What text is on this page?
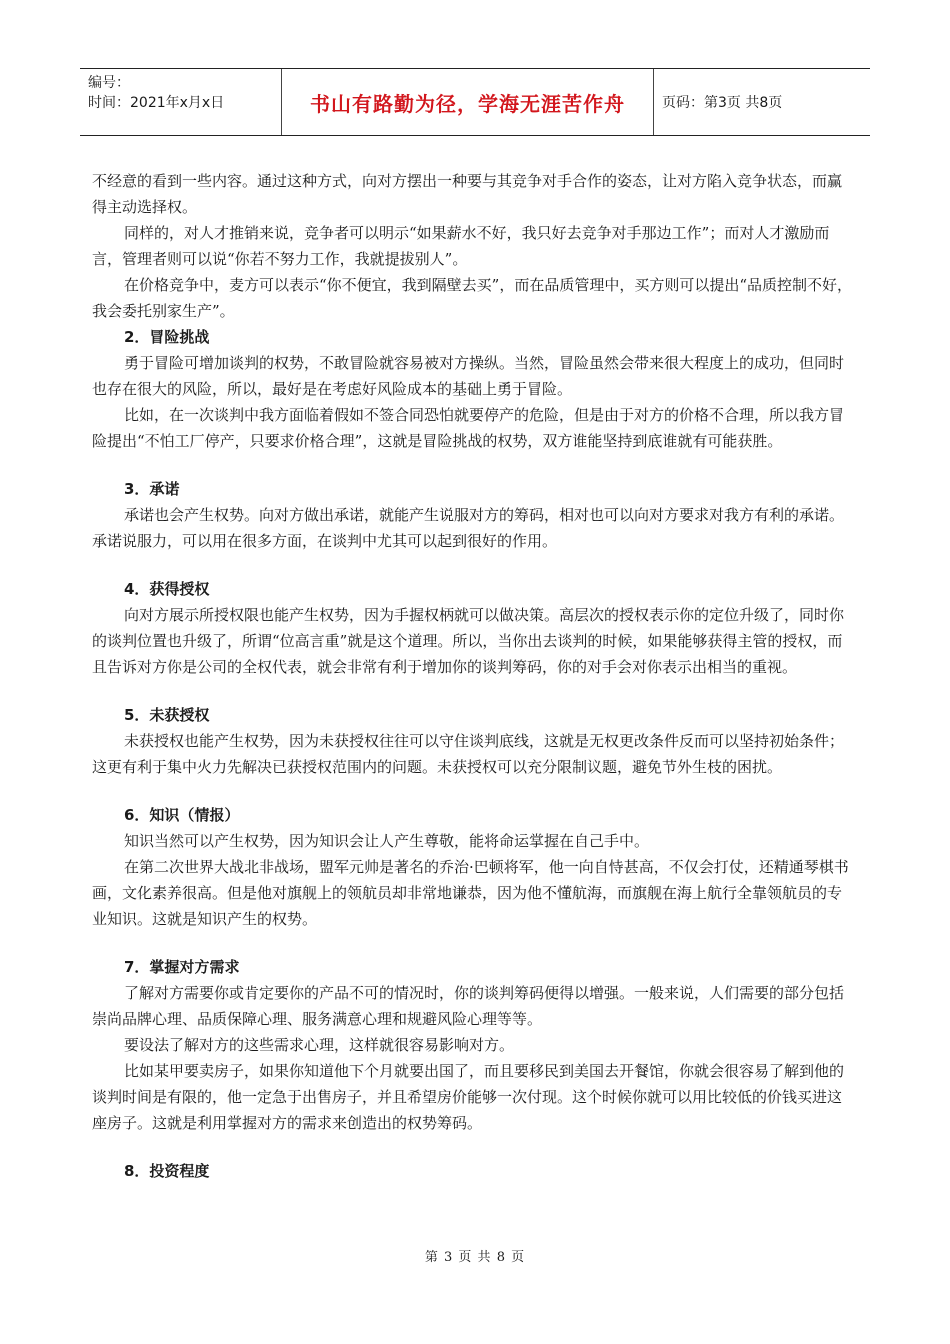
编号：
时间：2021年x月x日	书山有路勤为径，学海无涯苦作舟	页码：第3页 共8页

不经意的看到一些内容。通过这种方式，向对方摆出一种要与其竞争对手合作的姿态，让对方陷入竞争状态，而赢得主动选择权。

同样的，对人才推销来说，竞争者可以明示“如果薪水不好，我只好去竞争对手那边工作”；而对人才激励而言，管理者则可以说“你若不努力工作，我就提拔别人”。

在价格竞争中，麦方可以表示“你不便宜，我到隔壁去买”，而在品质管理中，买方则可以提出“品质控制不好，我会委托别家生产”。

2．冒险挑战

勇于冒险可增加谈判的权势，不敢冒险就容易被对方操纵。当然，冒险虽然会带来很大程度上的成功，但同时也存在很大的风险，所以，最好是在考虑好风险成本的基础上勇于冒险。

比如，在一次谈判中我方面临着假如不签合同恐怕就要停产的危险，但是由于对方的价格不合理，所以我方冒险提出“不怕工厂停产，只要求价格合理”，这就是冒险挑战的权势，双方谁能坚持到底谁就有可能获胜。

3．承诺

承诺也会产生权势。向对方做出承诺，就能产生说服对方的筹码，相对也可以向对方要求对我方有利的承诺。承诺说服力，可以用在很多方面，在谈判中尤其可以起到很好的作用。

4．获得授权

向对方展示所授权限也能产生权势，因为手握权柄就可以做决策。高层次的授权表示你的定位升级了，同时你的谈判位置也升级了，所谓“位高言重”就是这个道理。所以，当你出去谈判的时候，如果能够获得主管的授权，而且告诉对方你是公司的全权代表，就会非常有利于增加你的谈判筹码，你的对手会对你表示出相当的重视。

5．未获授权

未获授权也能产生权势，因为未获授权往往可以守住谈判底线，这就是无权更改条件反而可以坚持初始条件；这更有利于集中火力先解决已获授权范围内的问题。未获授权可以充分限制议题，避免节外生枝的困扰。

6．知识（情报）

知识当然可以产生权势，因为知识会让人产生尊敬，能将命运掌握在自己手中。

在第二次世界大战北非战场，盟军元帅是著名的乔治·巴顿将军，他一向自恃甚高，不仅会打仗，还精通琴棋书画，文化素养很高。但是他对旗舰上的领航员却非常地谦恭，因为他不懂航海，而旗舰在海上航行全靠领航员的专业知识。这就是知识产生的权势。

7．掌握对方需求

了解对方需要你或肯定要你的产品不可的情况时，你的谈判筹码便得以增强。一般来说，人们需要的部分包括崇尚品牌心理、品质保障心理、服务满意心理和规避风险心理等等。

要设法了解对方的这些需求心理，这样就很容易影响对方。

比如某甲要卖房子，如果你知道他下个月就要出国了，而且要移民到美国去开餐馆，你就会很容易了解到他的谈判时间是有限的，他一定急于出售房子，并且希望房价能够一次付现。这个时候你就可以用比较低的价钱买进这座房子。这就是利用掌握对方的需求来创造出的权势筹码。

8．投资程度
第 3 页 共 8 页
